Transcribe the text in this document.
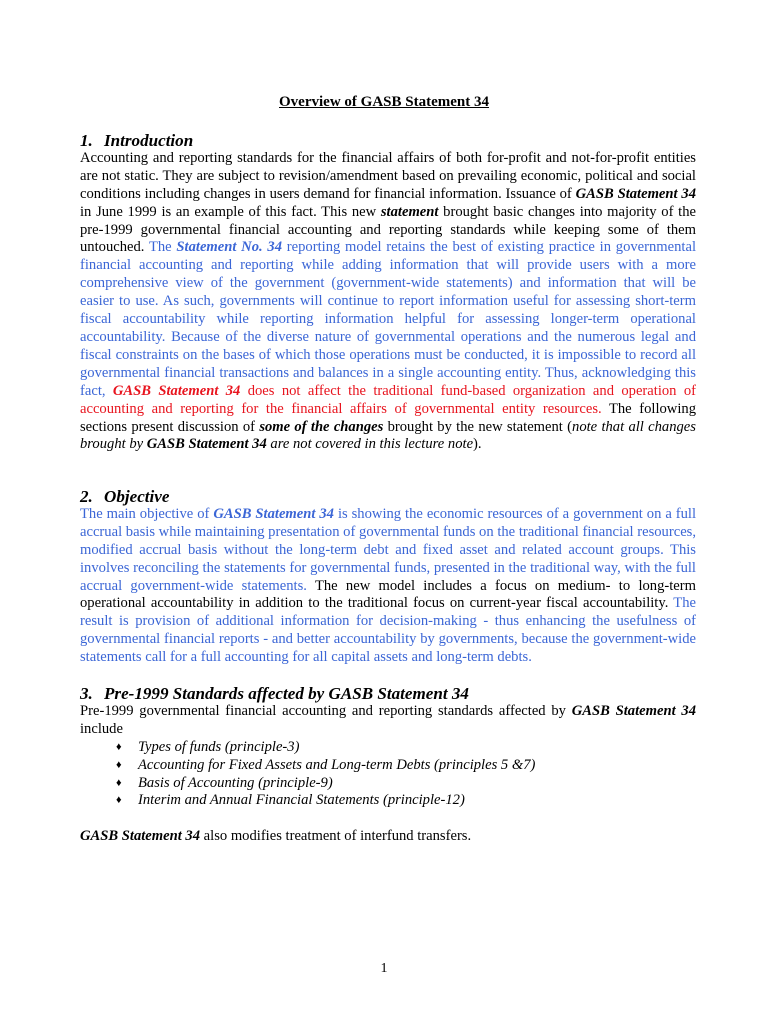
Overview of GASB Statement 34
1. Introduction

Accounting and reporting standards for the financial affairs of both for-profit and not-for-profit entities are not static. They are subject to revision/amendment based on prevailing economic, political and social conditions including changes in users demand for financial information. Issuance of GASB Statement 34 in June 1999 is an example of this fact. This new statement brought basic changes into majority of the pre-1999 governmental financial accounting and reporting standards while keeping some of them untouched. The Statement No. 34 reporting model retains the best of existing practice in governmental financial accounting and reporting while adding information that will provide users with a more comprehensive view of the government (government-wide statements) and information that will be easier to use. As such, governments will continue to report information useful for assessing short-term fiscal accountability while reporting information helpful for assessing longer-term operational accountability. Because of the diverse nature of governmental operations and the numerous legal and fiscal constraints on the bases of which those operations must be conducted, it is impossible to record all governmental financial transactions and balances in a single accounting entity. Thus, acknowledging this fact, GASB Statement 34 does not affect the traditional fund-based organization and operation of accounting and reporting for the financial affairs of governmental entity resources. The following sections present discussion of some of the changes brought by the new statement (note that all changes brought by GASB Statement 34 are not covered in this lecture note).

2. Objective

The main objective of GASB Statement 34 is showing the economic resources of a government on a full accrual basis while maintaining presentation of governmental funds on the traditional financial resources, modified accrual basis without the long-term debt and fixed asset and related account groups. This involves reconciling the statements for governmental funds, presented in the traditional way, with the full accrual government-wide statements. The new model includes a focus on medium- to long-term operational accountability in addition to the traditional focus on current-year fiscal accountability. The result is provision of additional information for decision-making - thus enhancing the usefulness of governmental financial reports - and better accountability by governments, because the government-wide statements call for a full accounting for all capital assets and long-term debts.

3. Pre-1999 Standards affected by GASB Statement 34

Pre-1999 governmental financial accounting and reporting standards affected by GASB Statement 34 include

♦ Types of funds (principle-3)
♦ Accounting for Fixed Assets and Long-term Debts (principles 5 &7)
♦ Basis of Accounting (principle-9)
♦ Interim and Annual Financial Statements (principle-12)

GASB Statement 34 also modifies treatment of interfund transfers.

1
